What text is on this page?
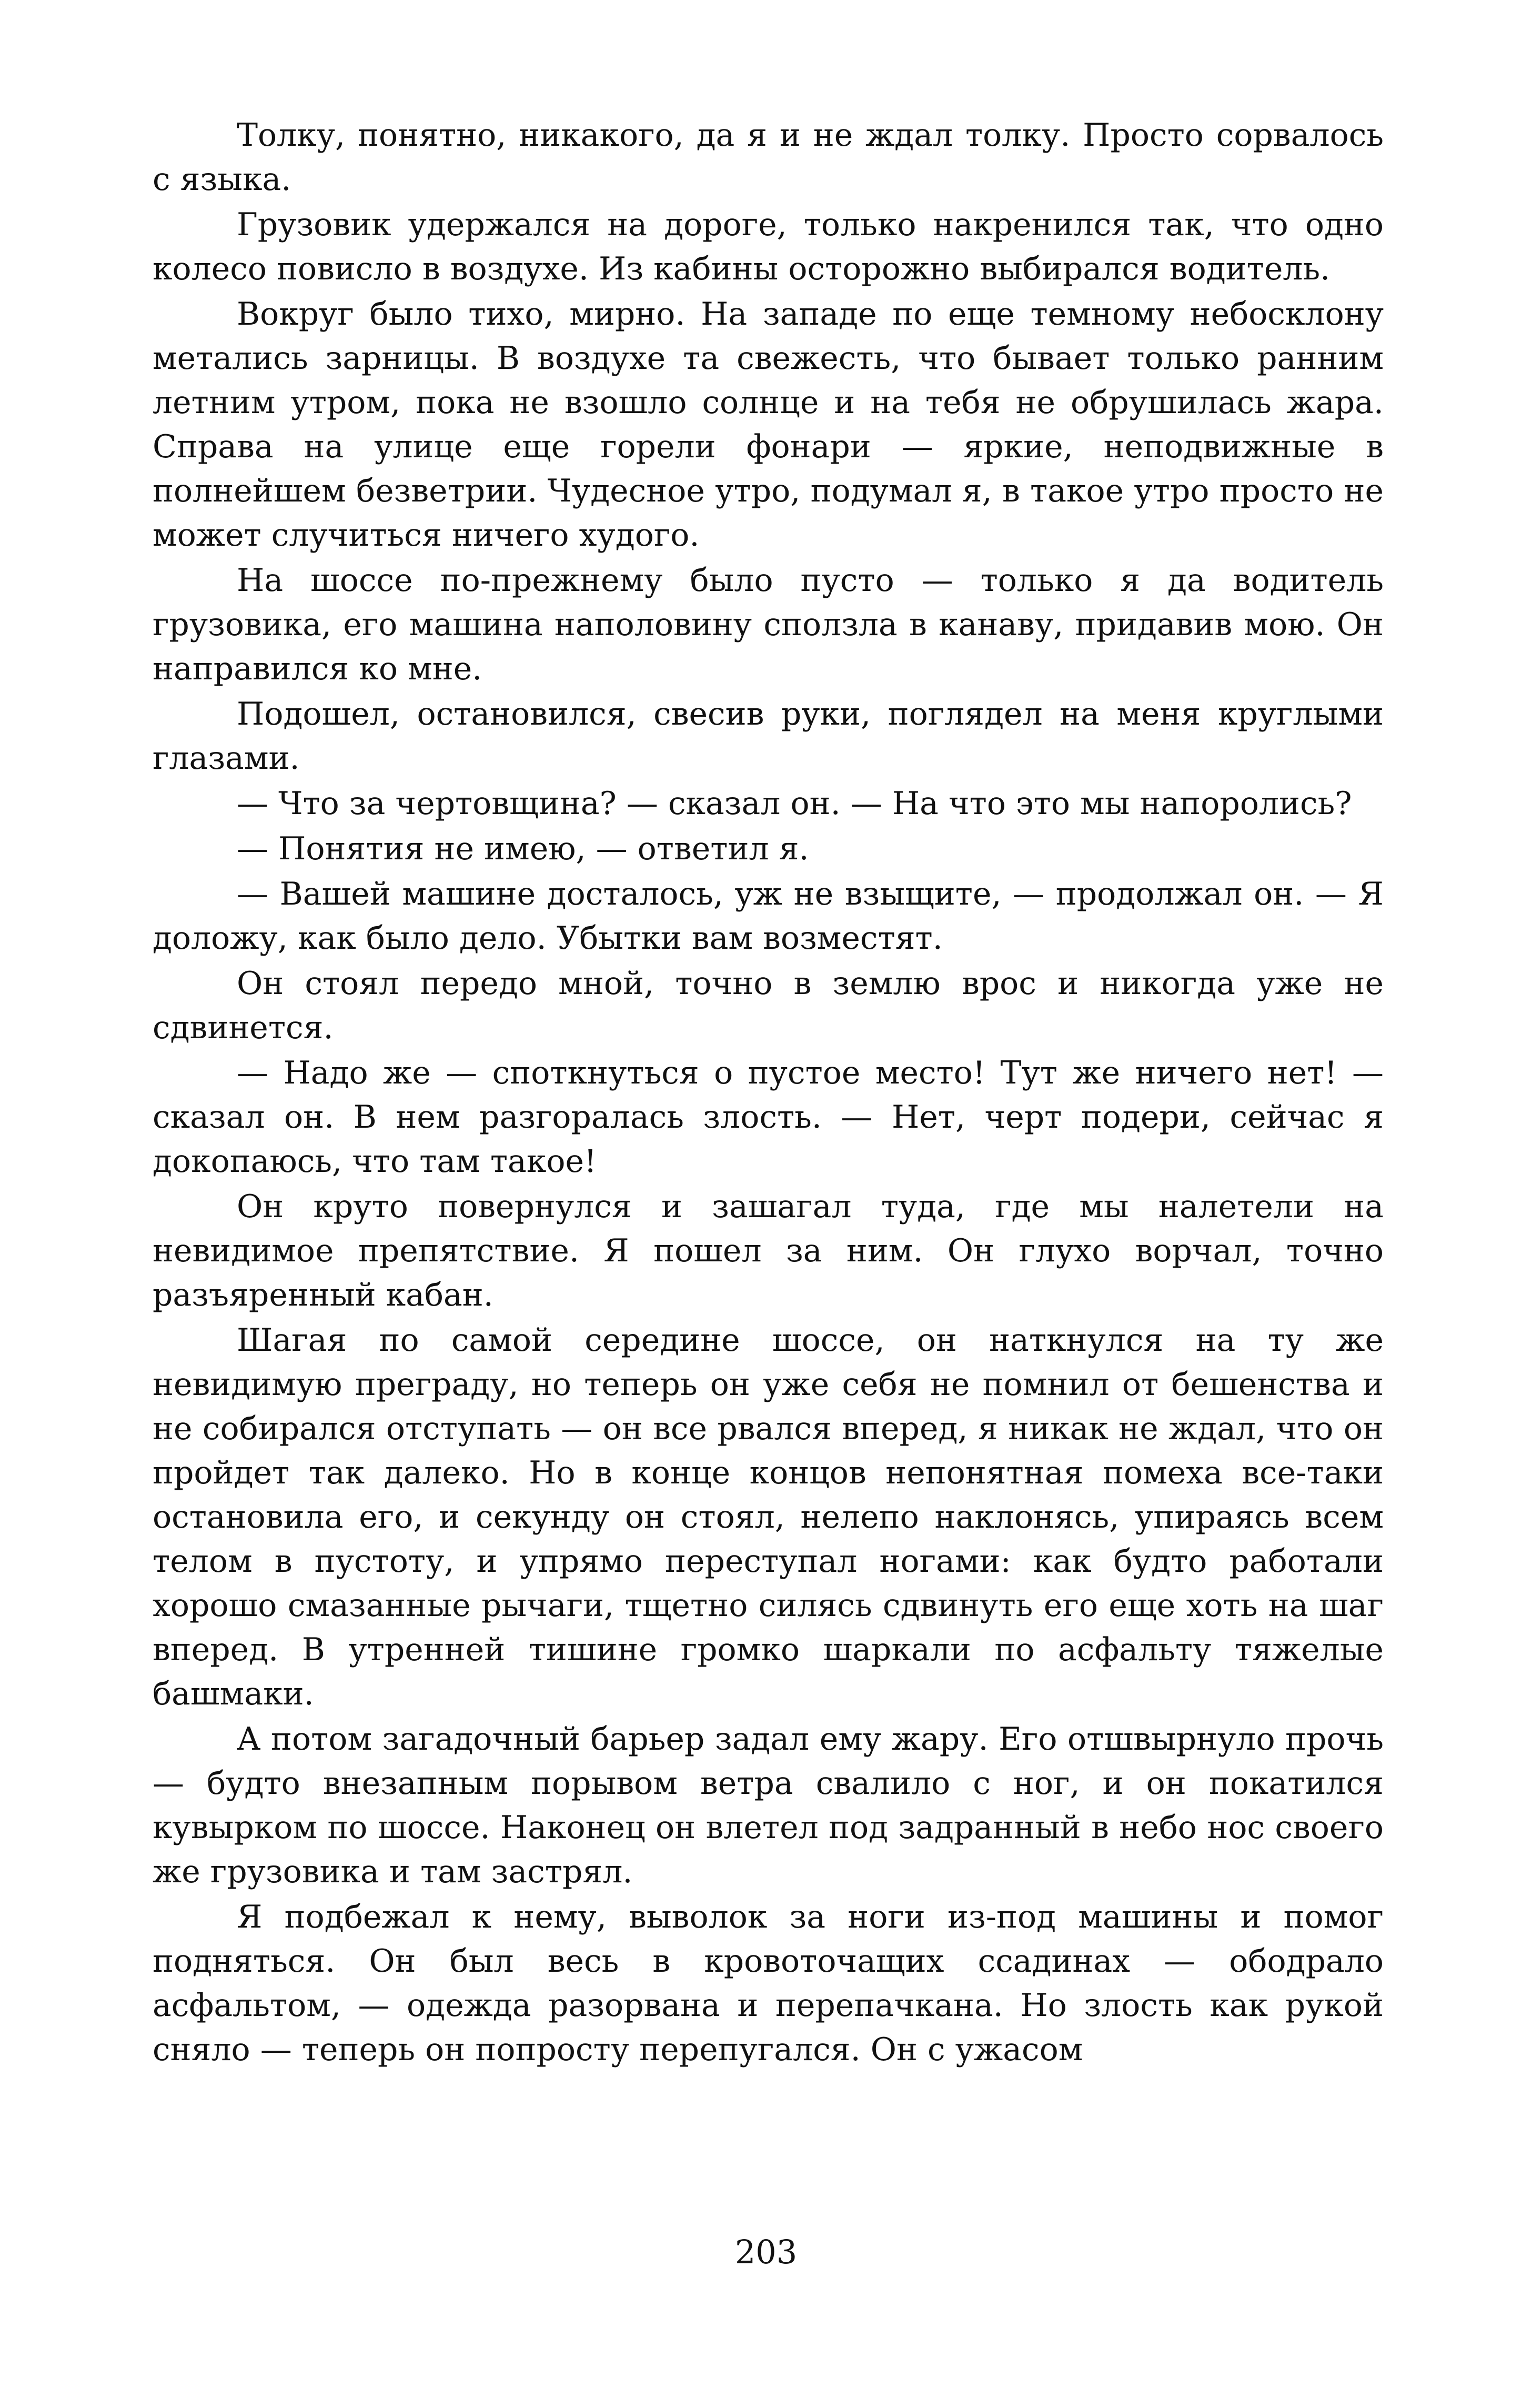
Толку, понятно, никакого, да я и не ждал толку. Просто сорвалось с языка.

Грузовик удержался на дороге, только накренился так, что одно колесо повисло в воздухе. Из кабины осторожно выбирался водитель.

Вокруг было тихо, мирно. На западе по еще темному небосклону метались зарницы. В воздухе та свежесть, что бывает только ранним летним утром, пока не взошло солнце и на тебя не обрушилась жара. Справа на улице еще горели фонари — яркие, неподвижные в полнейшем безветрии. Чудесное утро, подумал я, в такое утро просто не может случиться ничего худого.

На шоссе по-прежнему было пусто — только я да водитель грузовика, его машина наполовину сползла в канаву, придавив мою. Он направился ко мне.

Подошел, остановился, свесив руки, поглядел на меня круглыми глазами.

— Что за чертовщина? — сказал он. — На что это мы напоролись?

— Понятия не имею, — ответил я.

— Вашей машине досталось, уж не взыщите, — продолжал он. — Я доложу, как было дело. Убытки вам возместят.

Он стоял передо мной, точно в землю врос и никогда уже не сдвинется.

— Надо же — споткнуться о пустое место! Тут же ничего нет! — сказал он. В нем разгоралась злость. — Нет, черт подери, сейчас я докопаюсь, что там такое!

Он круто повернулся и зашагал туда, где мы налетели на невидимое препятствие. Я пошел за ним. Он глухо ворчал, точно разъяренный кабан.

Шагая по самой середине шоссе, он наткнулся на ту же невидимую преграду, но теперь он уже себя не помнил от бешенства и не собирался отступать — он все рвался вперед, я никак не ждал, что он пройдет так далеко. Но в конце концов непонятная помеха все-таки остановила его, и секунду он стоял, нелепо наклонясь, упираясь всем телом в пустоту, и упрямо переступал ногами: как будто работали хорошо смазанные рычаги, тщетно силясь сдвинуть его еще хоть на шаг вперед. В утренней тишине громко шаркали по асфальту тяжелые башмаки.

А потом загадочный барьер задал ему жару. Его отшвырнуло прочь — будто внезапным порывом ветра свалило с ног, и он покатился кувырком по шоссе. Наконец он влетел под задранный в небо нос своего же грузовика и там застрял.

Я подбежал к нему, выволок за ноги из-под машины и помог подняться. Он был весь в кровоточащих ссадинах — ободрало асфальтом, — одежда разорвана и перепачкана. Но злость как рукой сняло — теперь он попросту перепугался. Он с ужасом

203
